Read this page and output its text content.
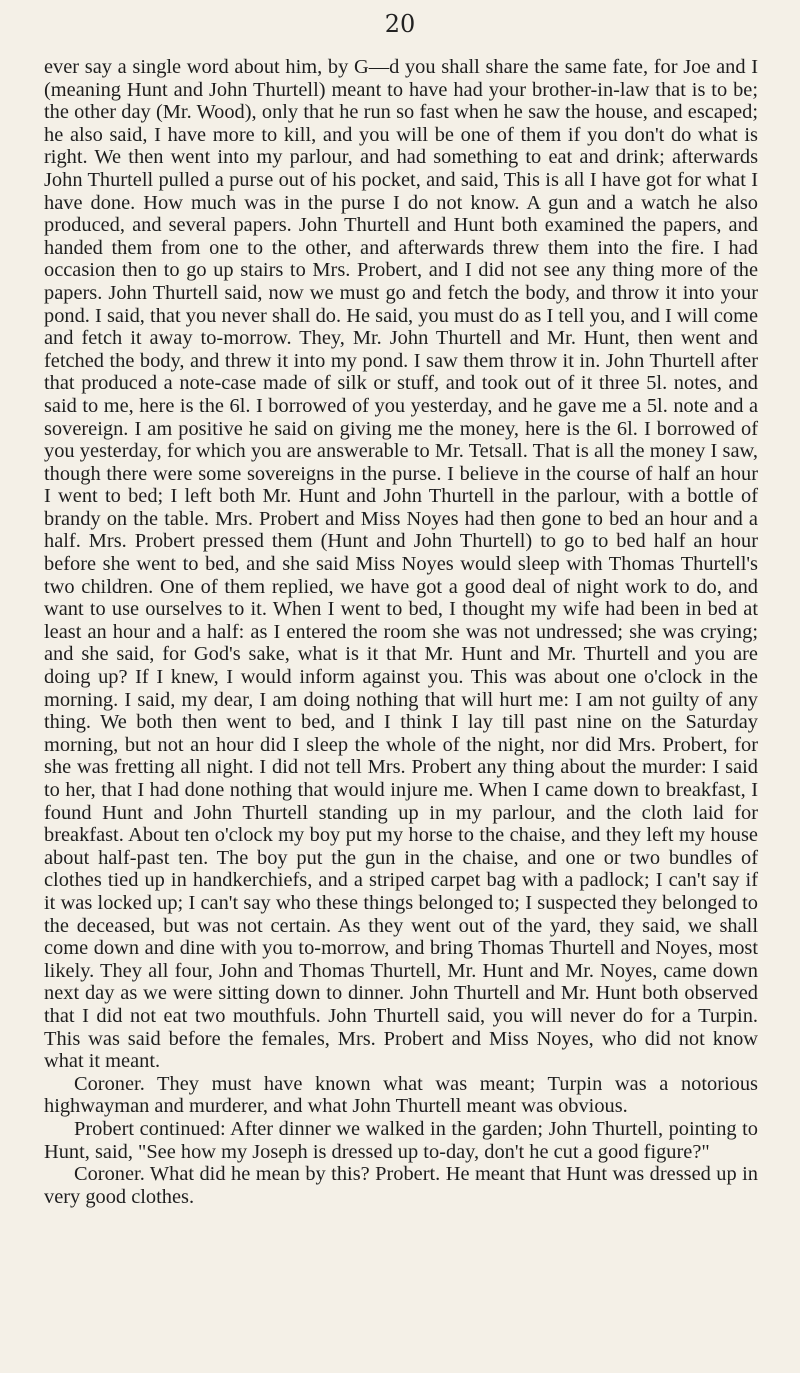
20

ever say a single word about him, by G—d you shall share the same fate, for Joe and I (meaning Hunt and John Thurtell) meant to have had your brother-in-law that is to be; the other day (Mr. Wood), only that he run so fast when he saw the house, and escaped; he also said, I have more to kill, and you will be one of them if you don't do what is right. We then went into my parlour, and had something to eat and drink; afterwards John Thurtell pulled a purse out of his pocket, and said, This is all I have got for what I have done. How much was in the purse I do not know. A gun and a watch he also produced, and several papers. John Thurtell and Hunt both examined the papers, and handed them from one to the other, and afterwards threw them into the fire. I had occasion then to go up stairs to Mrs. Probert, and I did not see any thing more of the papers. John Thurtell said, now we must go and fetch the body, and throw it into your pond. I said, that you never shall do. He said, you must do as I tell you, and I will come and fetch it away to-morrow. They, Mr. John Thurtell and Mr. Hunt, then went and fetched the body, and threw it into my pond. I saw them throw it in. John Thurtell after that produced a note-case made of silk or stuff, and took out of it three 5l. notes, and said to me, here is the 6l. I borrowed of you yesterday, and he gave me a 5l. note and a sovereign. I am positive he said on giving me the money, here is the 6l. I borrowed of you yesterday, for which you are answerable to Mr. Tetsall. That is all the money I saw, though there were some sovereigns in the purse. I believe in the course of half an hour I went to bed; I left both Mr. Hunt and John Thurtell in the parlour, with a bottle of brandy on the table. Mrs. Probert and Miss Noyes had then gone to bed an hour and a half. Mrs. Probert pressed them (Hunt and John Thurtell) to go to bed half an hour before she went to bed, and she said Miss Noyes would sleep with Thomas Thurtell's two children. One of them replied, we have got a good deal of night work to do, and want to use ourselves to it. When I went to bed, I thought my wife had been in bed at least an hour and a half: as I entered the room she was not undressed; she was crying; and she said, for God's sake, what is it that Mr. Hunt and Mr. Thurtell and you are doing up? If I knew, I would inform against you. This was about one o'clock in the morning. I said, my dear, I am doing nothing that will hurt me: I am not guilty of any thing. We both then went to bed, and I think I lay till past nine on the Saturday morning, but not an hour did I sleep the whole of the night, nor did Mrs. Probert, for she was fretting all night. I did not tell Mrs. Probert any thing about the murder: I said to her, that I had done nothing that would injure me. When I came down to breakfast, I found Hunt and John Thurtell standing up in my parlour, and the cloth laid for breakfast. About ten o'clock my boy put my horse to the chaise, and they left my house about half-past ten. The boy put the gun in the chaise, and one or two bundles of clothes tied up in handkerchiefs, and a striped carpet bag with a padlock; I can't say if it was locked up; I can't say who these things belonged to; I suspected they belonged to the deceased, but was not certain. As they went out of the yard, they said, we shall come down and dine with you to-morrow, and bring Thomas Thurtell and Noyes, most likely. They all four, John and Thomas Thurtell, Mr. Hunt and Mr. Noyes, came down next day as we were sitting down to dinner. John Thurtell and Mr. Hunt both observed that I did not eat two mouthfuls. John Thurtell said, you will never do for a Turpin. This was said before the females, Mrs. Probert and Miss Noyes, who did not know what it meant.

Coroner. They must have known what was meant; Turpin was a notorious highwayman and murderer, and what John Thurtell meant was obvious.

Probert continued: After dinner we walked in the garden; John Thurtell, pointing to Hunt, said, "See how my Joseph is dressed up to-day, don't he cut a good figure?"

Coroner. What did he mean by this? Probert. He meant that Hunt was dressed up in very good clothes.
